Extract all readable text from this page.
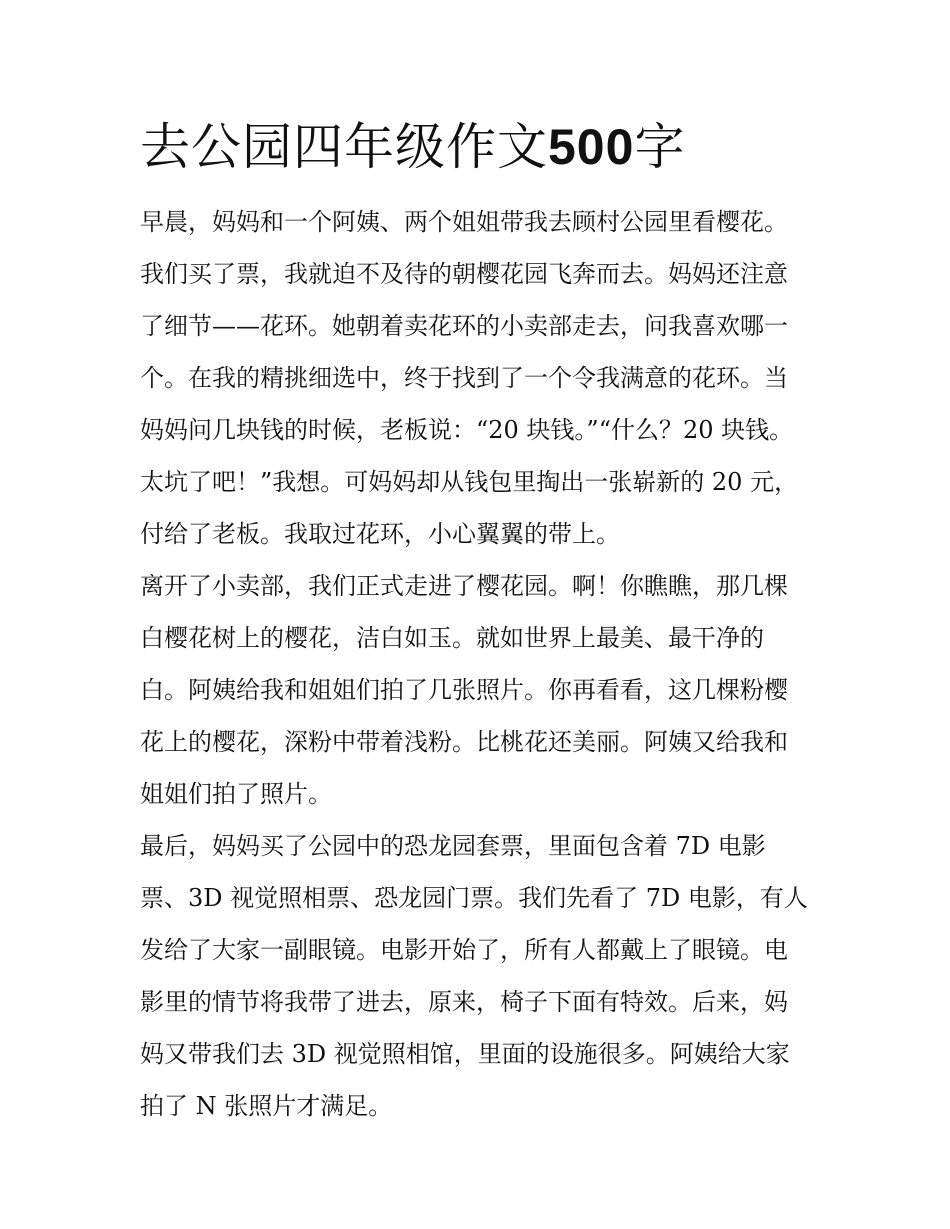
去公园四年级作文500字
早晨，妈妈和一个阿姨、两个姐姐带我去顾村公园里看樱花。
我们买了票，我就迫不及待的朝樱花园飞奔而去。妈妈还注意
了细节——花环。她朝着卖花环的小卖部走去，问我喜欢哪一
个。在我的精挑细选中，终于找到了一个令我满意的花环。当
妈妈问几块钱的时候，老板说：“20 块钱。”“什么？20 块钱。
太坑了吧！”我想。可妈妈却从钱包里掏出一张崭新的 20 元，
付给了老板。我取过花环，小心翼翼的带上。
离开了小卖部，我们正式走进了樱花园。啊！你瞧瞧，那几棵
白樱花树上的樱花，洁白如玉。就如世界上最美、最干净的
白。阿姨给我和姐姐们拍了几张照片。你再看看，这几棵粉樱
花上的樱花，深粉中带着浅粉。比桃花还美丽。阿姨又给我和
姐姐们拍了照片。
最后，妈妈买了公园中的恐龙园套票，里面包含着 7D 电影
票、3D 视觉照相票、恐龙园门票。我们先看了 7D 电影，有人
发给了大家一副眼镜。电影开始了，所有人都戴上了眼镜。电
影里的情节将我带了进去，原来，椅子下面有特效。后来，妈
妈又带我们去 3D 视觉照相馆，里面的设施很多。阿姨给大家
拍了 N 张照片才满足。
